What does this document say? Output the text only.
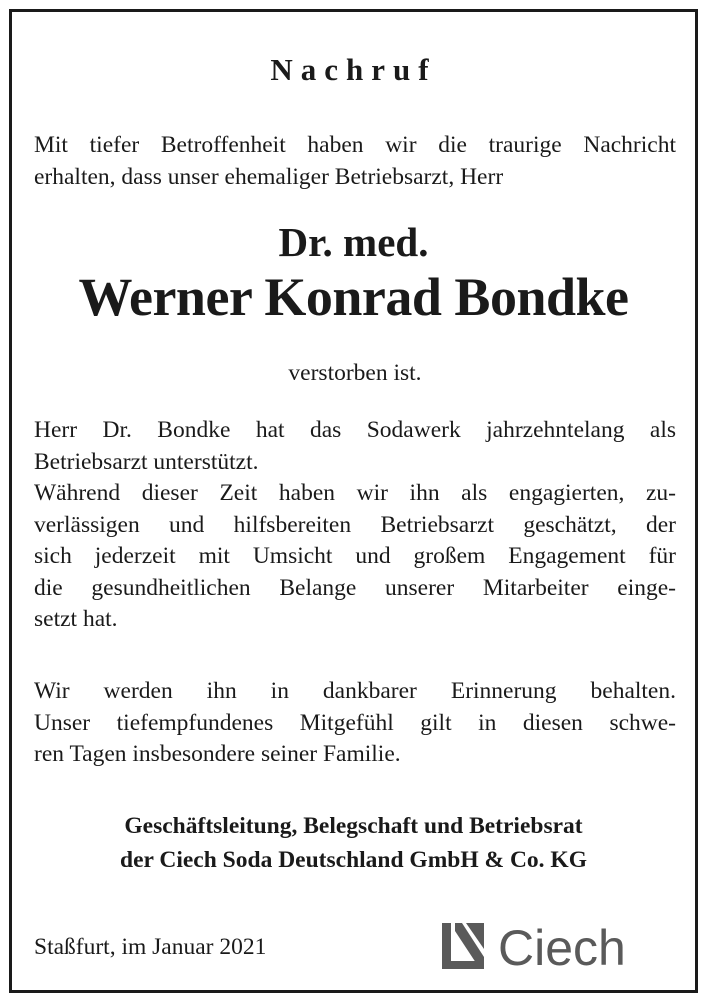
Nachruf
Mit tiefer Betroffenheit haben wir die traurige Nachricht
erhalten, dass unser ehemaliger Betriebsarzt, Herr
Dr. med.
Werner Konrad Bondke
verstorben ist.
Herr Dr. Bondke hat das Sodawerk jahrzehntelang als
Betriebsarzt unterstützt.
Während dieser Zeit haben wir ihn als engagierten, zu-
verlässigen und hilfsbereiten Betriebsarzt geschätzt, der
sich jederzeit mit Umsicht und großem Engagement für
die gesundheitlichen Belange unserer Mitarbeiter einge-
setzt hat.
Wir werden ihn in dankbarer Erinnerung behalten.
Unser tiefempfundenes Mitgefühl gilt in diesen schwe-
ren Tagen insbesondere seiner Familie.
Geschäftsleitung, Belegschaft und Betriebsrat
der Ciech Soda Deutschland GmbH & Co. KG

Staßfurt, im Januar 2021	Ciech
